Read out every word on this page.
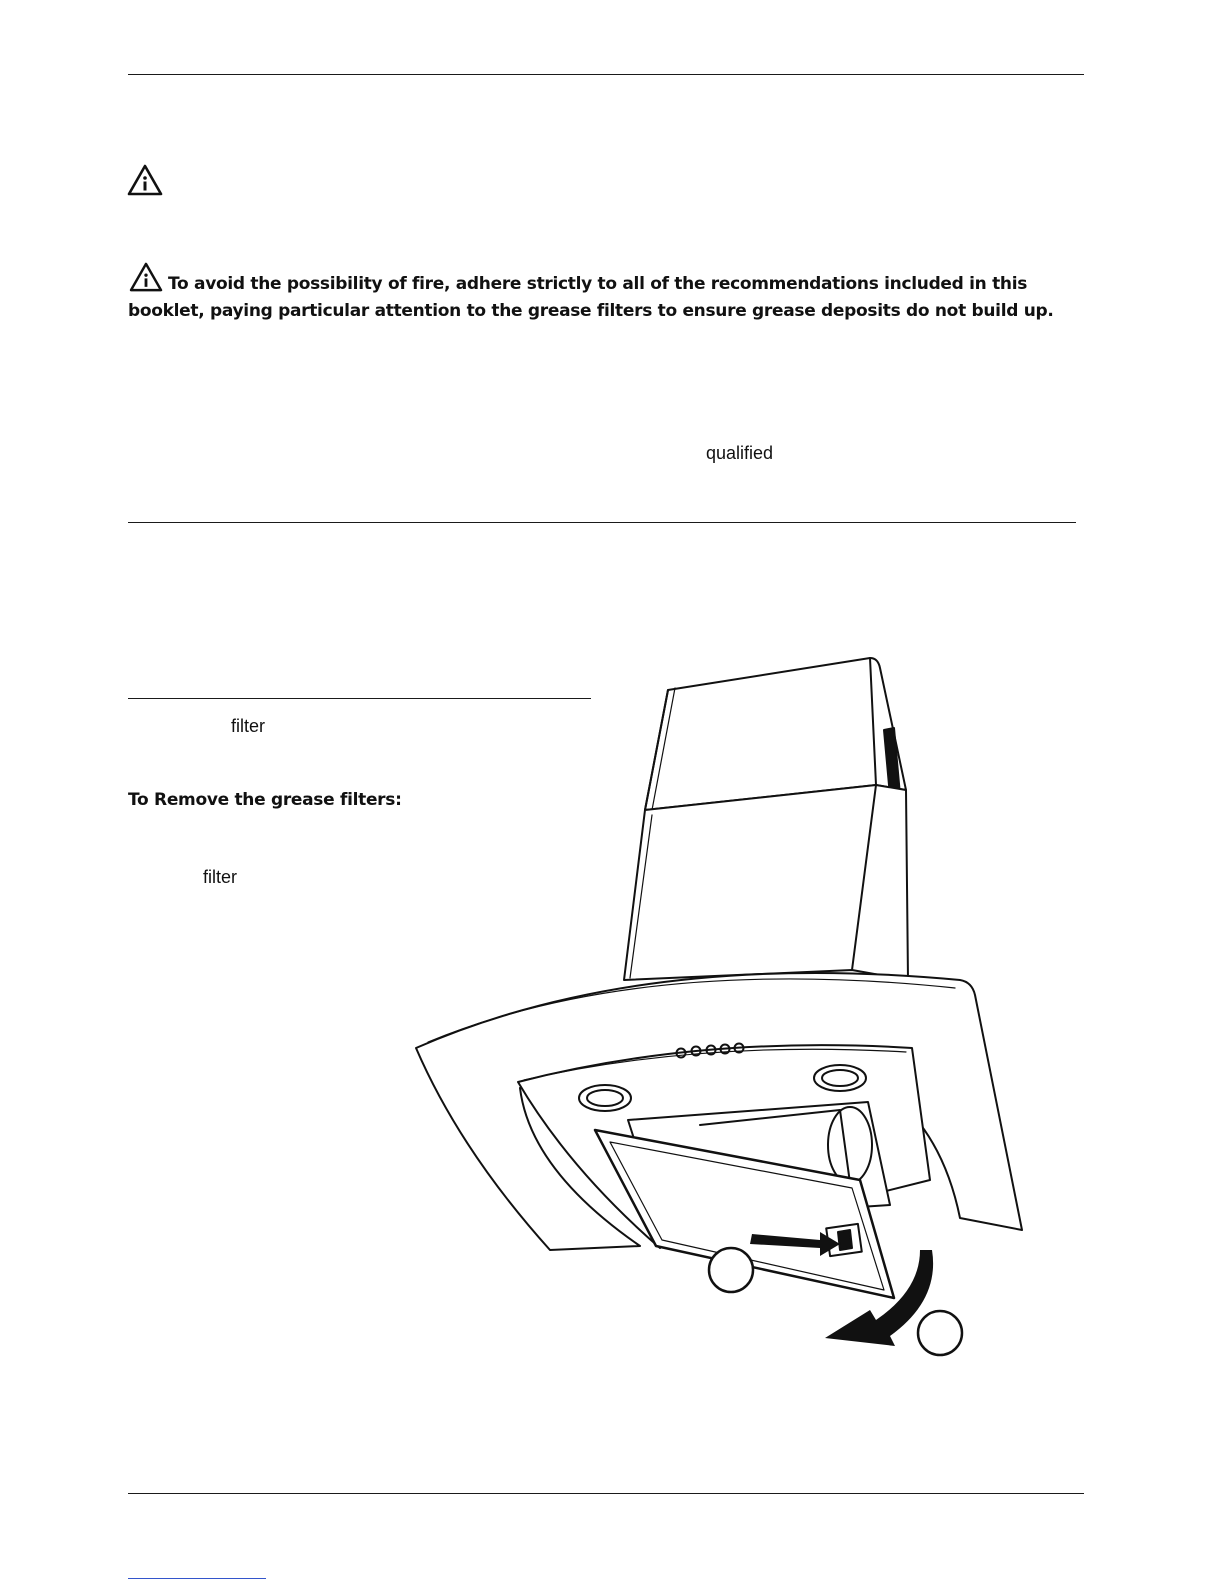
To avoid the possibility of fire, adhere strictly to all of the recommendations included in this booklet, paying particular attention to the grease filters to ensure grease deposits do not build up.
qualified
filter
To Remove the grease filters:
filter
